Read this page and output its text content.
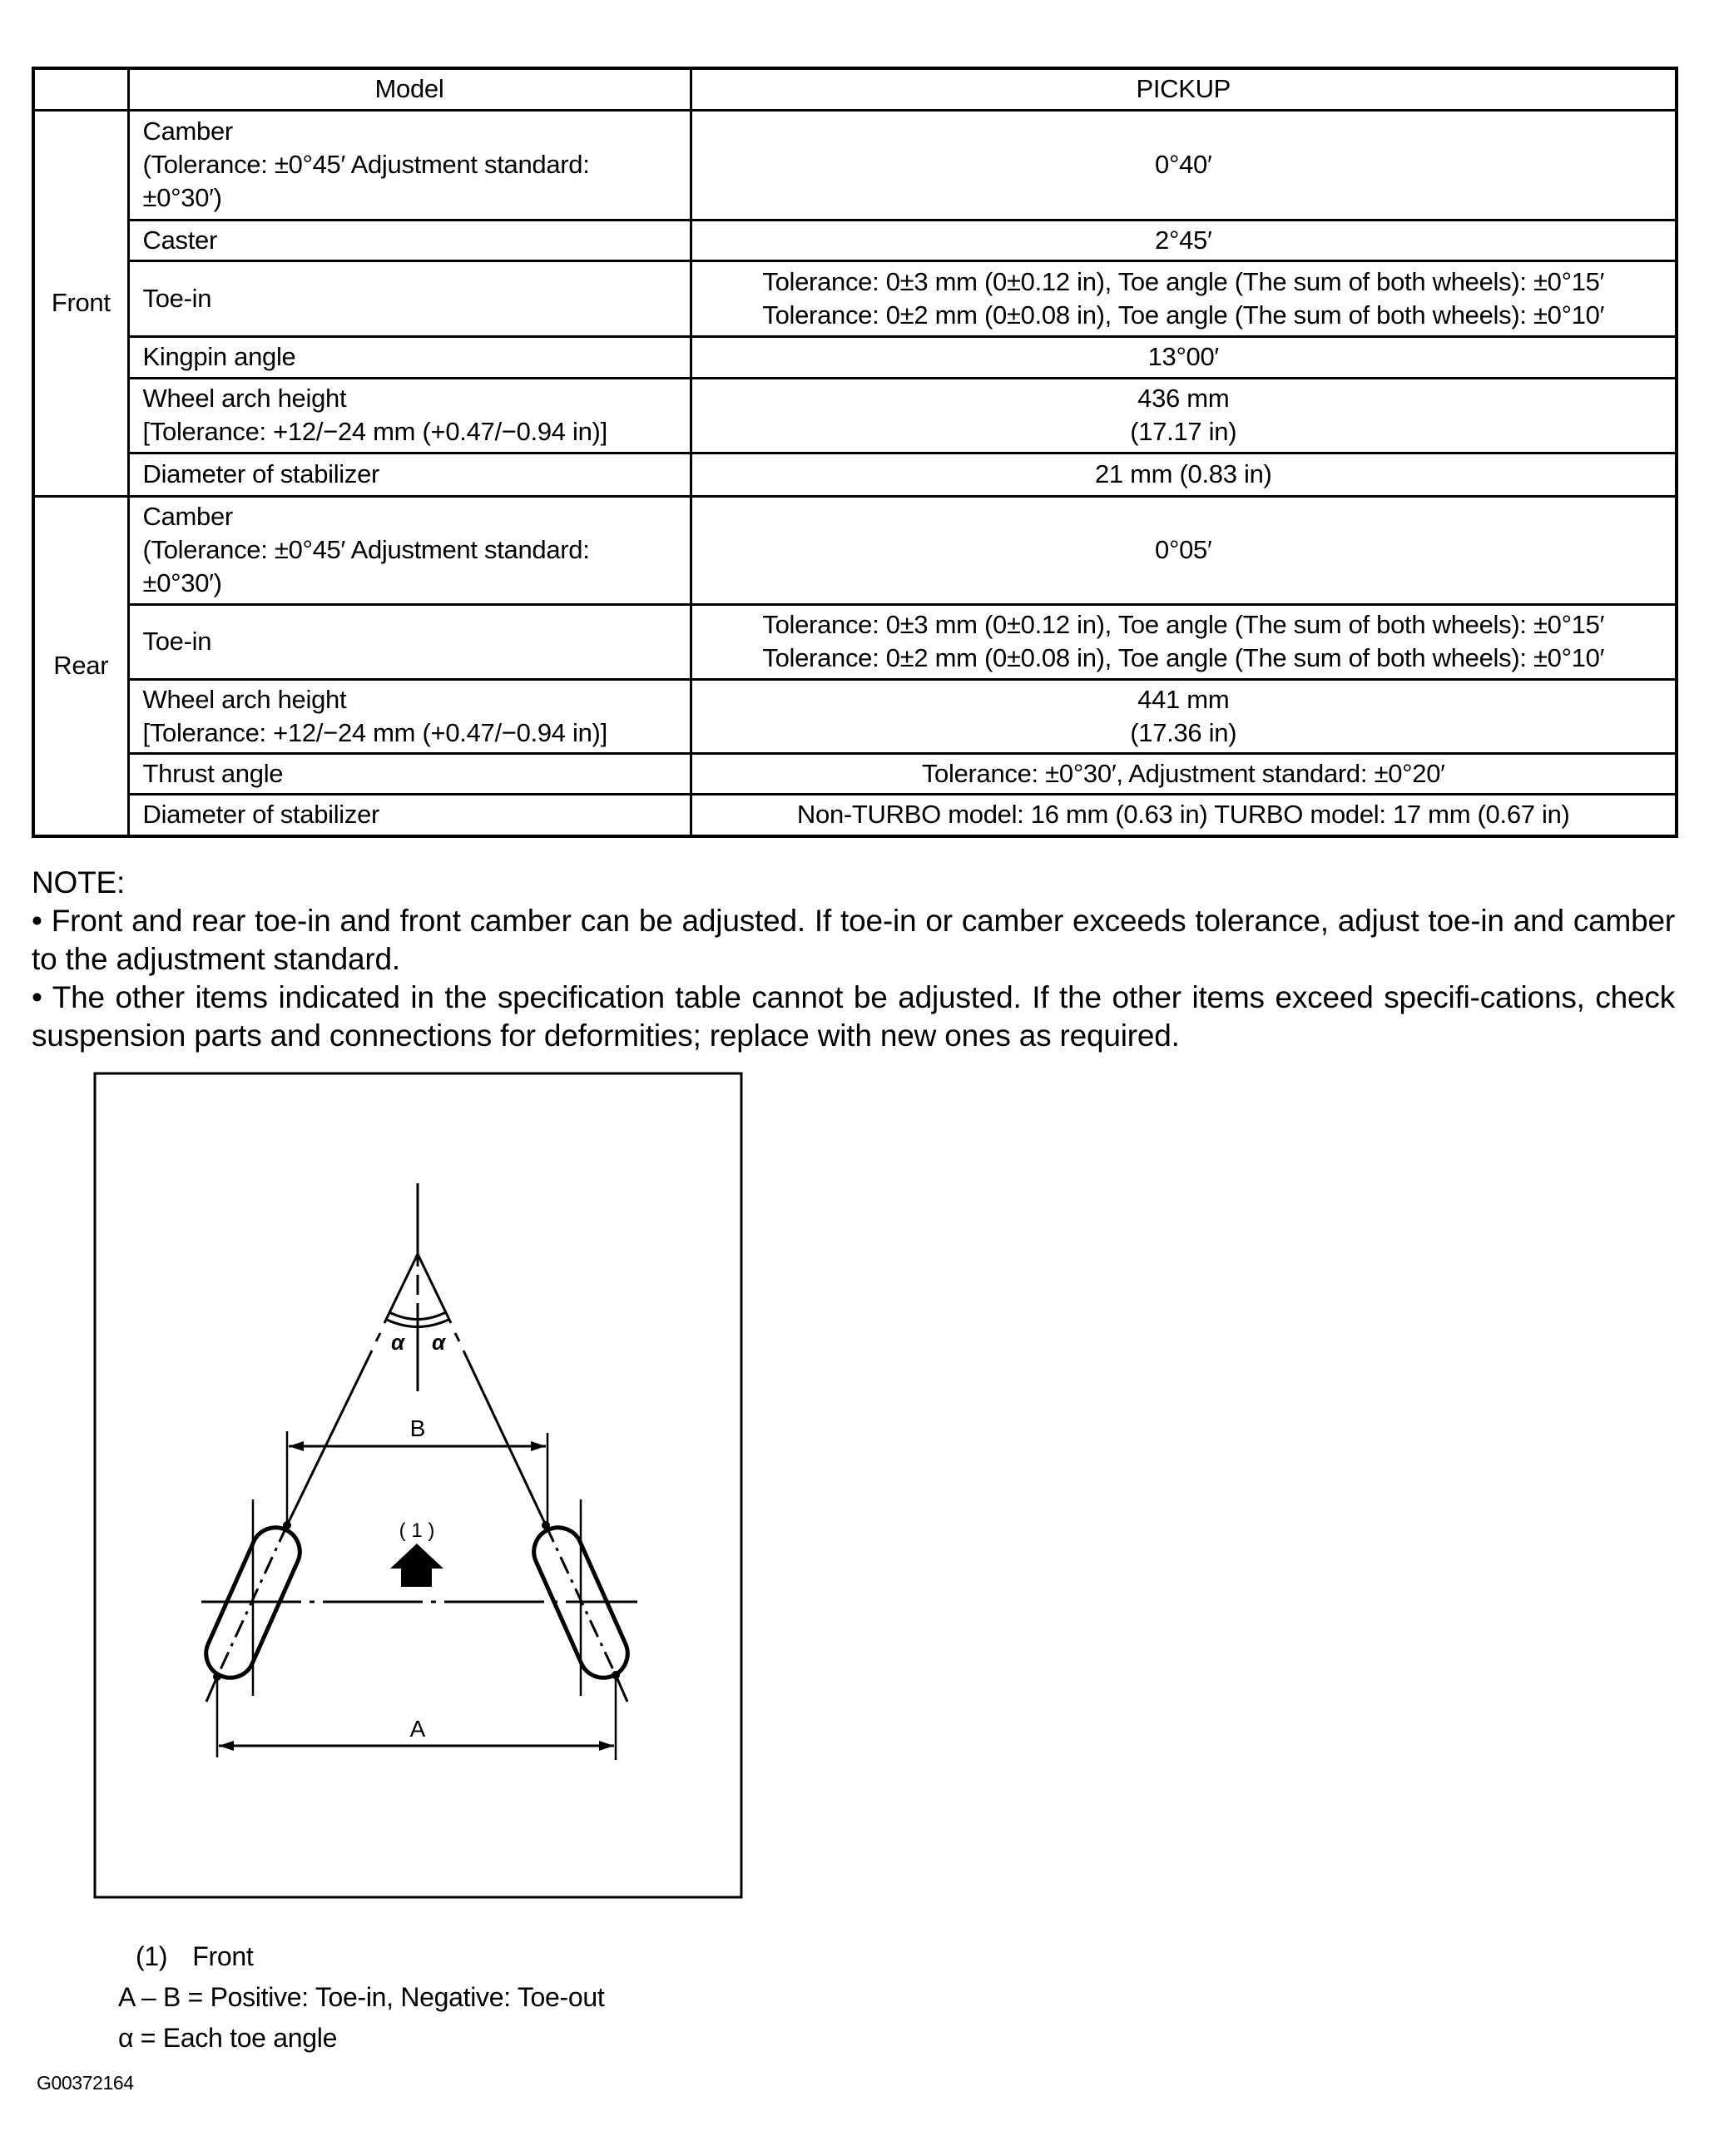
	Model	PICKUP
Front	Camber
(Tolerance: ±0°45′ Adjustment standard:
±0°30′)	0°40′

	Caster	2°45′

	Toe-in	Tolerance: 0±3 mm (0±0.12 in), Toe angle (The sum of both wheels): ±0°15′
Tolerance: 0±2 mm (0±0.08 in), Toe angle (The sum of both wheels): ±0°10′

	Kingpin angle	13°00′

	Wheel arch height
[Tolerance: +12/−24 mm (+0.47/−0.94 in)]	436 mm
(17.17 in)

	Diameter of stabilizer	21 mm (0.83 in)

Rear	Camber
(Tolerance: ±0°45′ Adjustment standard:
±0°30′)	0°05′

	Toe-in	Tolerance: 0±3 mm (0±0.12 in), Toe angle (The sum of both wheels): ±0°15′
Tolerance: 0±2 mm (0±0.08 in), Toe angle (The sum of both wheels): ±0°10′

	Wheel arch height
[Tolerance: +12/−24 mm (+0.47/−0.94 in)]	441 mm
(17.36 in)

	Thrust angle	Tolerance: ±0°30′, Adjustment standard: ±0°20′

	Diameter of stabilizer	Non-TURBO model: 16 mm (0.63 in) TURBO model: 17 mm (0.67 in)
NOTE:
• Front and rear toe-in and front camber can be adjusted. If toe-in or camber exceeds tolerance, adjust toe-in and camber to the adjustment standard.
• The other items indicated in the specification table cannot be adjusted. If the other items exceed specifi-cations, check suspension parts and connections for deformities; replace with new ones as required.
α α
B
A
( 1 )
(1) Front
A – B = Positive: Toe-in, Negative: Toe-out
α = Each toe angle
G00372164
